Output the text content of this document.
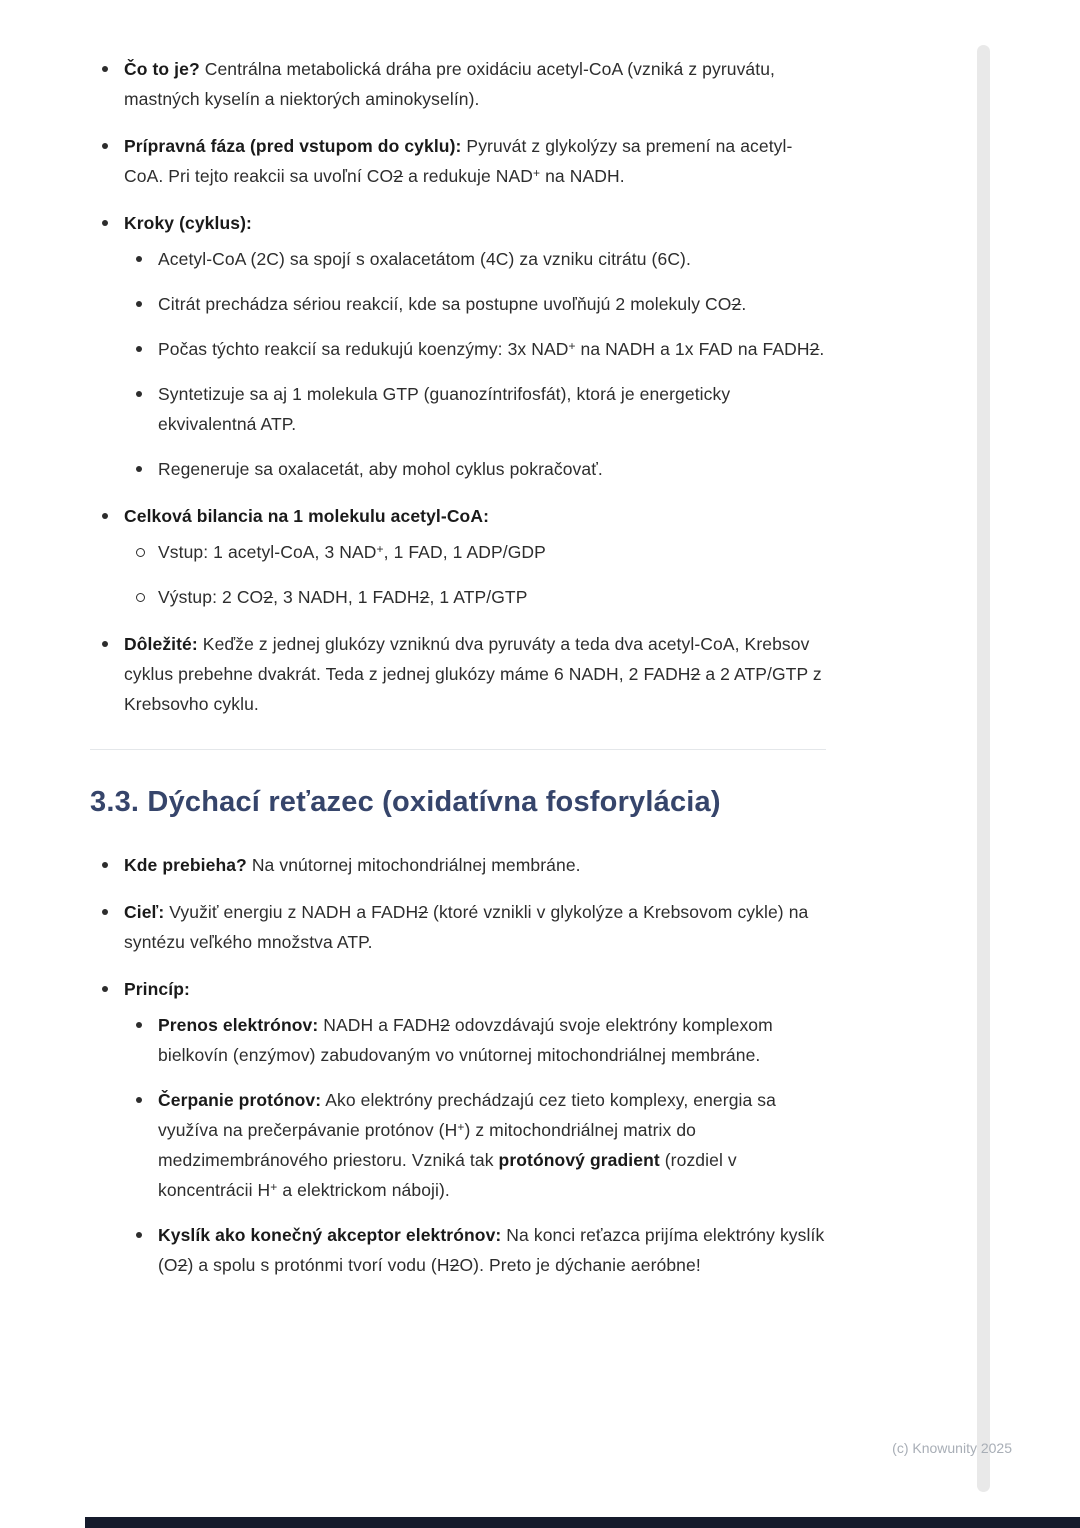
Čo to je? Centrálna metabolická dráha pre oxidáciu acetyl-CoA (vzniká z pyruvátu, mastných kyselín a niektorých aminokyselín).
Prípravná fáza (pred vstupom do cyklu): Pyruvát z glykolýzy sa premení na acetyl-CoA. Pri tejto reakcii sa uvoľní CO2 a redukuje NAD+ na NADH.
Kroky (cyklus):
Acetyl-CoA (2C) sa spojí s oxalacetátom (4C) za vzniku citrátu (6C).
Citrát prechádza sériou reakcií, kde sa postupne uvoľňujú 2 molekuly CO2.
Počas týchto reakcií sa redukujú koenzýmy: 3x NAD+ na NADH a 1x FAD na FADH2.
Syntetizuje sa aj 1 molekula GTP (guanozíntrifosfát), ktorá je energeticky ekvivalentná ATP.
Regeneruje sa oxalacetát, aby mohol cyklus pokračovať.
Celková bilancia na 1 molekulu acetyl-CoA:
Vstup: 1 acetyl-CoA, 3 NAD+, 1 FAD, 1 ADP/GDP
Výstup: 2 CO2, 3 NADH, 1 FADH2, 1 ATP/GTP
Dôležité: Keďže z jednej glukózy vzniknú dva pyruváty a teda dva acetyl-CoA, Krebsov cyklus prebehne dvakrát. Teda z jednej glukózy máme 6 NADH, 2 FADH2 a 2 ATP/GTP z Krebsovho cyklu.
3.3. Dýchací reťazec (oxidatívna fosforylácia)
Kde prebieha? Na vnútornej mitochondriálnej membráne.
Cieľ: Využiť energiu z NADH a FADH2 (ktoré vznikli v glykolýze a Krebsovom cykle) na syntézu veľkého množstva ATP.
Princíp:
Prenos elektrónov: NADH a FADH2 odovzdávajú svoje elektróny komplexom bielkovín (enzýmov) zabudovaným vo vnútornej mitochondriálnej membráne.
Čerpanie protónov: Ako elektróny prechádzajú cez tieto komplexy, energia sa využíva na prečerpávanie protónov (H+) z mitochondriálnej matrix do medzimembránového priestoru. Vzniká tak protónový gradient (rozdiel v koncentrácii H+ a elektrickom náboji).
Kyslík ako konečný akceptor elektrónov: Na konci reťazca prijíma elektróny kyslík (O2) a spolu s protónmi tvorí vodu (H2O). Preto je dýchanie aeróbne!
(c) Knowunity 2025
